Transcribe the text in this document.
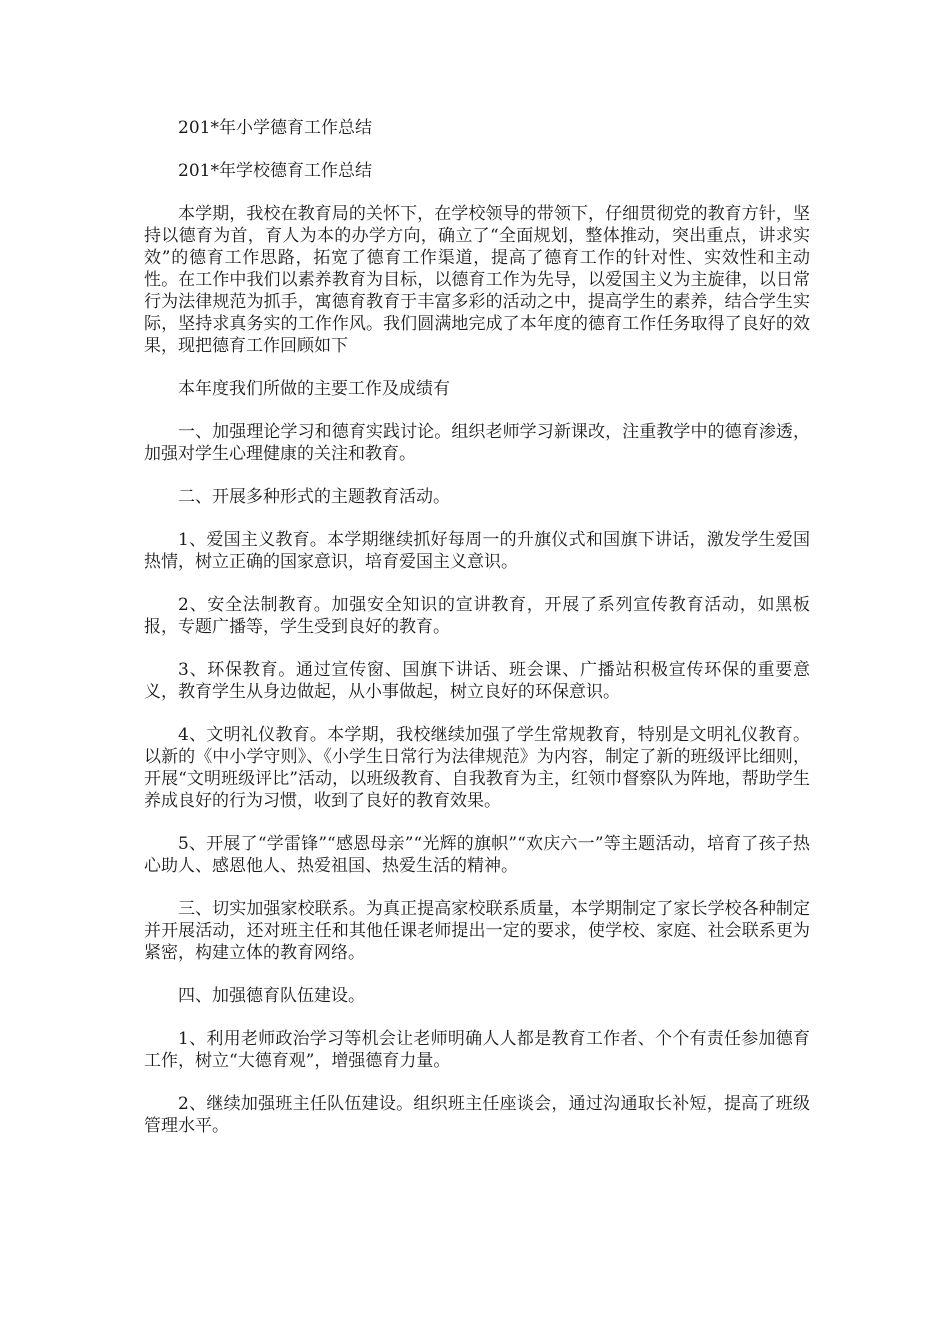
201*年小学德育工作总结

201*年学校德育工作总结

本学期，我校在教育局的关怀下，在学校领导的带领下，仔细贯彻党的教育方针，坚持以德育为首，育人为本的办学方向，确立了“全面规划，整体推动，突出重点，讲求实效”的德育工作思路，拓宽了德育工作渠道，提高了德育工作的针对性、实效性和主动性。在工作中我们以素养教育为目标，以德育工作为先导，以爱国主义为主旋律，以日常行为法律规范为抓手，寓德育教育于丰富多彩的活动之中，提高学生的素养，结合学生实际，坚持求真务实的工作作风。我们圆满地完成了本年度的德育工作任务取得了良好的效果，现把德育工作回顾如下

本年度我们所做的主要工作及成绩有

一、加强理论学习和德育实践讨论。组织老师学习新课改，注重教学中的德育渗透，加强对学生心理健康的关注和教育。

二、开展多种形式的主题教育活动。

1、爱国主义教育。本学期继续抓好每周一的升旗仪式和国旗下讲话，激发学生爱国热情，树立正确的国家意识，培育爱国主义意识。

2、安全法制教育。加强安全知识的宣讲教育，开展了系列宣传教育活动，如黑板报，专题广播等，学生受到良好的教育。

3、环保教育。通过宣传窗、国旗下讲话、班会课、广播站积极宣传环保的重要意义，教育学生从身边做起，从小事做起，树立良好的环保意识。

4、文明礼仪教育。本学期，我校继续加强了学生常规教育，特别是文明礼仪教育。以新的《中小学守则》、《小学生日常行为法律规范》为内容，制定了新的班级评比细则，开展“文明班级评比”活动，以班级教育、自我教育为主，红领巾督察队为阵地，帮助学生养成良好的行为习惯，收到了良好的教育效果。

5、开展了“学雷锋”“感恩母亲”“光辉的旗帜”“欢庆六一”等主题活动，培育了孩子热心助人、感恩他人、热爱祖国、热爱生活的精神。

三、切实加强家校联系。为真正提高家校联系质量，本学期制定了家长学校各种制定并开展活动，还对班主任和其他任课老师提出一定的要求，使学校、家庭、社会联系更为紧密，构建立体的教育网络。

四、加强德育队伍建设。

1、利用老师政治学习等机会让老师明确人人都是教育工作者、个个有责任参加德育工作，树立“大德育观”，增强德育力量。

2、继续加强班主任队伍建设。组织班主任座谈会，通过沟通取长补短，提高了班级管理水平。
